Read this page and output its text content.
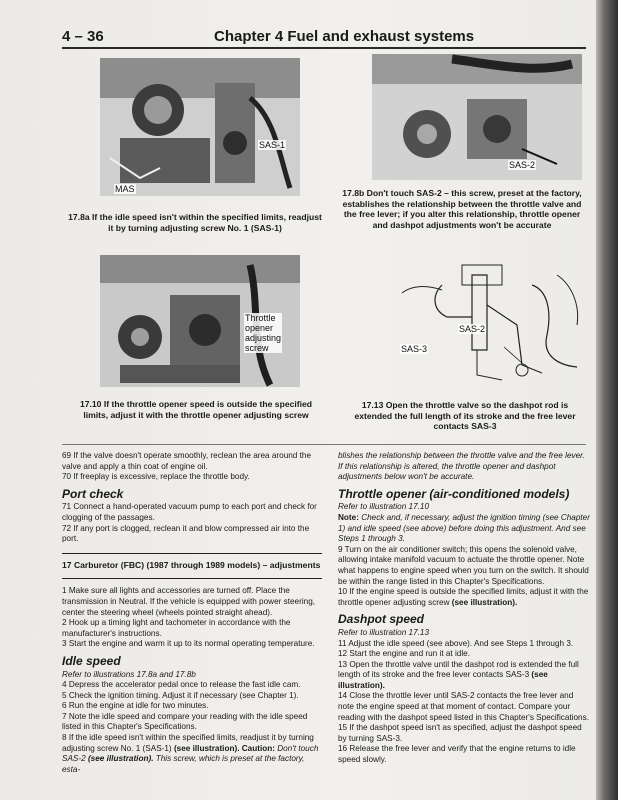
4 – 36	Chapter 4 Fuel and exhaust systems
SAS-1
MAS
17.8a If the idle speed isn't within the specified limits, readjust it by turning adjusting screw No. 1 (SAS-1)
SAS-2
17.8b Don't touch SAS-2 – this screw, preset at the factory, establishes the relationship between the throttle valve and the free lever; if you alter this relationship, throttle opener and dashpot adjustments won't be accurate
Throttle
opener
adjusting
screw
17.10 If the throttle opener speed is outside the specified limits, adjust it with the throttle opener adjusting screw
SAS-2
SAS-3
17.13 Open the throttle valve so the dashpot rod is extended the full length of its stroke and the free lever contacts SAS-3

69 If the valve doesn't operate smoothly, reclean the area around the valve and apply a thin coat of engine oil.

70 If freeplay is excessive, replace the throttle body.

Port check

71 Connect a hand-operated vacuum pump to each port and check for clogging of the passages.

72 If any port is clogged, reclean it and blow compressed air into the port.

17 Carburetor (FBC) (1987 through 1989 models) – adjustments

1 Make sure all lights and accessories are turned off. Place the transmission in Neutral. If the vehicle is equipped with power steering, center the steering wheel (wheels pointed straight ahead).

2 Hook up a timing light and tachometer in accordance with the manufacturer's instructions.

3 Start the engine and warm it up to its normal operating temperature.

Idle speed

Refer to illustrations 17.8a and 17.8b

4 Depress the accelerator pedal once to release the fast idle cam.

5 Check the ignition timing. Adjust it if necessary (see Chapter 1).

6 Run the engine at idle for two minutes.

7 Note the idle speed and compare your reading with the idle speed listed in this Chapter's Specifications.

8 If the idle speed isn't within the specified limits, readjust it by turning adjusting screw No. 1 (SAS-1) (see illustration). Caution: Don't touch SAS-2 (see illustration). This screw, which is preset at the factory, esta-

blishes the relationship between the throttle valve and the free lever. If this relationship is altered, the throttle opener and dashpot adjustments below won't be accurate.

Throttle opener (air-conditioned models)

Refer to illustration 17.10

Note: Check and, if necessary, adjust the ignition timing (see Chapter 1) and idle speed (see above) before doing this adjustment. And see Steps 1 through 3.

9 Turn on the air conditioner switch; this opens the solenoid valve, allowing intake manifold vacuum to actuate the throttle opener. Note what happens to engine speed when you turn on the switch. It should be within the range listed in this Chapter's Specifications.

10 If the engine speed is outside the specified limits, adjust it with the throttle opener adjusting screw (see illustration).

Dashpot speed

Refer to illustration 17.13

11 Adjust the idle speed (see above). And see Steps 1 through 3.

12 Start the engine and run it at idle.

13 Open the throttle valve until the dashpot rod is extended the full length of its stroke and the free lever contacts SAS-3 (see illustration).

14 Close the throttle lever until SAS-2 contacts the free lever and note the engine speed at that moment of contact. Compare your reading with the dashpot speed listed in this Chapter's Specifications.

15 If the dashpot speed isn't as specified, adjust the dashpot speed by turning SAS-3.

16 Release the free lever and verify that the engine returns to idle speed slowly.
